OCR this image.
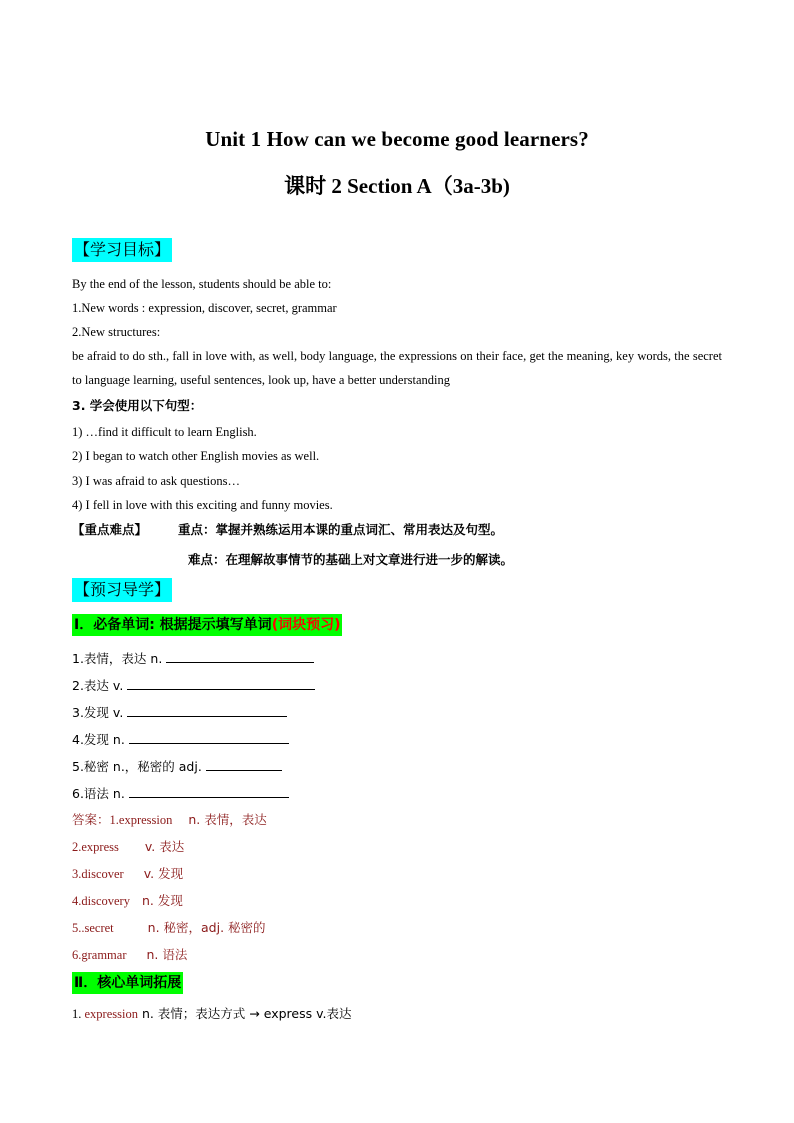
Unit 1 How can we become good learners?
课时 2 Section A（3a-3b)
【学习目标】
By the end of the lesson, students should be able to:
1.New words : expression, discover, secret, grammar
2.New structures:
be afraid to do sth., fall in love with, as well, body language, the expressions on their face, get the meaning, key words, the secret to language learning, useful sentences, look up, have a better understanding
3. 学会使用以下句型：
1) …find it difficult to learn English.
2) I began to watch other English movies as well.
3) I was afraid to ask questions…
4) I fell in love with this exciting and funny movies.
【重点难点】 重点：掌握并熟练运用本课的重点词汇、常用表达及句型。
难点：在理解故事情节的基础上对文章进行进一步的解读。
【预习导学】
Ⅰ．必备单词: 根据提示填写单词(词块预习)
1.表情，表达 n.
2.表达 v.
3.发现 v.
4.发现 n.
5.秘密 n.，秘密的 adj.
6.语法 n.
答案：1.expression n. 表情，表达
2.express v. 表达
3.discover v. 发现
4.discovery n. 发现
5..secret	n. 秘密，adj. 秘密的
6.grammar n. 语法
Ⅱ．核心单词拓展
1. expression n. 表情；表达方式 → express v.表达
